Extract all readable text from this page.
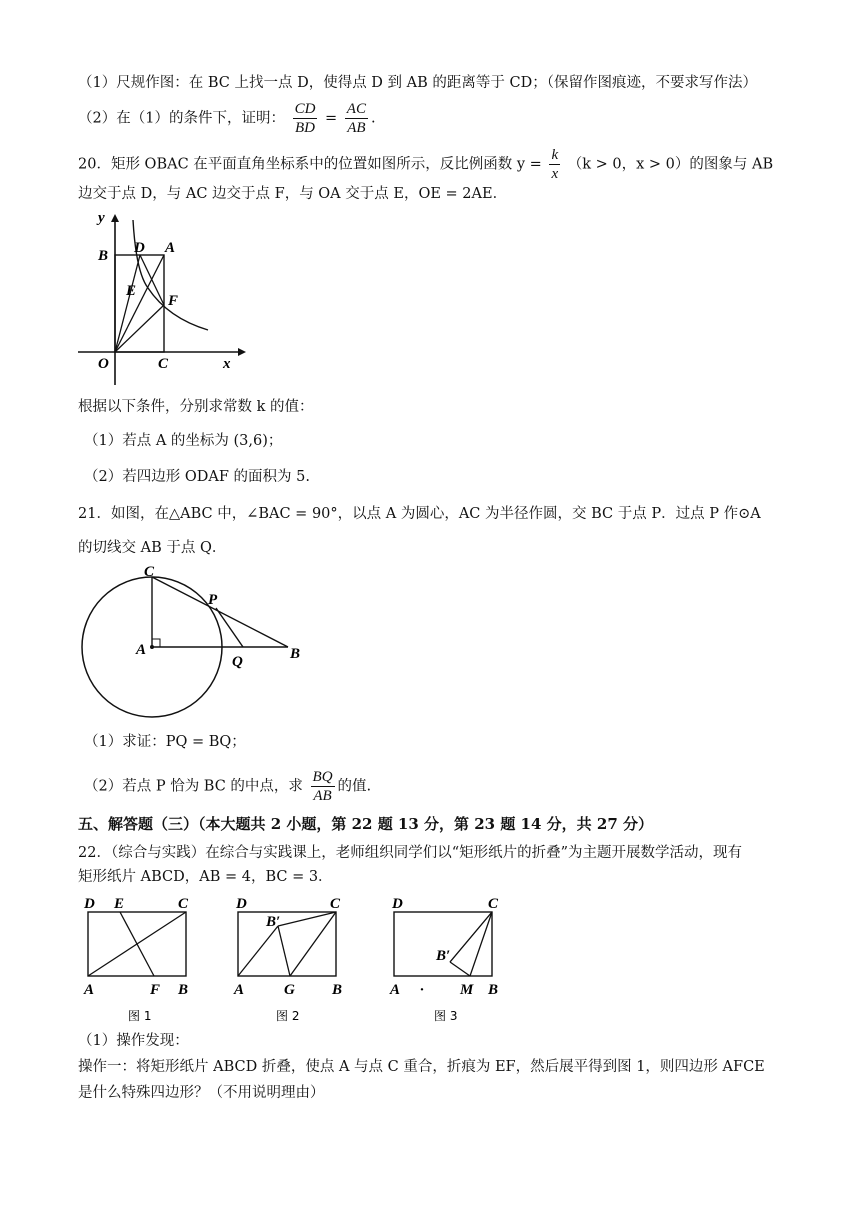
（1）尺规作图：在 BC 上找一点 D，使得点 D 到 AB 的距离等于 CD；（保留作图痕迹，不要求写作法）
（2）在（1）的条件下，证明： $\frac{CD}{BD} = \frac{AC}{AB}$ .
20．矩形 OBAC 在平面直角坐标系中的位置如图所示，反比例函数 $y = \frac{k}{x} (k > 0$，x > 0）的图象与 AB
边交于点 D，与 AC 边交于点 F，与 OA 交于点 E，OE = 2AE．
y
D A
B
E
F
O	C	x
根据以下条件，分别求常数 k 的值：
（1）若点 A 的坐标为 (3,6)；
（2）若四边形 ODAF 的面积为 5.
21．如图，在△ABC 中，∠BAC = 90°，以点 A 为圆心，AC 为半径作圆，交 BC 于点 P．过点 P 作⊙A
的切线交 AB 于点 Q．
C
P
A
Q	B
（1）求证：PQ = BQ；
（2）若点 P 恰为 BC 的中点，求 $\frac{BQ}{AB}$ 的值.
五、解答题（三）（本大题共 2 小题，第 22 题 13 分，第 23 题 14 分，共 27 分）
22．（综合与实践）在综合与实践课上，老师组织同学们以“矩形纸片的折叠”为主题开展数学活动，现有
矩形纸片 ABCD，AB = 4，BC = 3．
D E	C
A	F B
图 1
D
B′
C
A	G B
图 2
D	C
B′
A · M B
图 3
（1）操作发现：
操作一：将矩形纸片 ABCD 折叠，使点 A 与点 C 重合，折痕为 EF，然后展平得到图 1，则四边形 AFCE
是什么特殊四边形？（不用说明理由）
